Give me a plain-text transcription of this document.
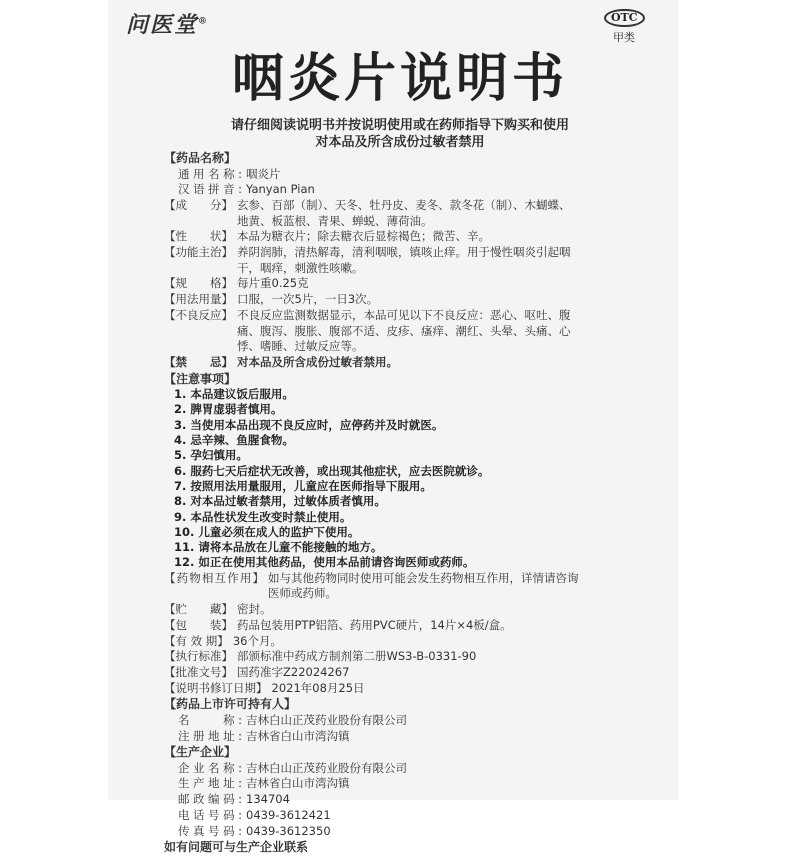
问医堂®	OTC
甲类
咽炎片说明书
请仔细阅读说明书并按说明使用或在药师指导下购买和使用
对本品及所含成份过敏者禁用
【药品名称】
通用名称: 咽炎片
汉语拼音: Yanyan Pian
【成　　分】 玄参、百部（制）、天冬、牡丹皮、麦冬、款冬花（制）、木蝴蝶、
地黄、板蓝根、青果、蝉蜕、薄荷油。
【性　　状】 本品为糖衣片；除去糖衣后显棕褐色；微苦、辛。
【功能主治】 养阴润肺，清热解毒，清利咽喉，镇咳止痒。用于慢性咽炎引起咽
干，咽痒，刺激性咳嗽。
【规　　格】 每片重0.25克
【用法用量】 口服，一次5片，一日3次。
【不良反应】 不良反应监测数据显示，本品可见以下不良反应：恶心、呕吐、腹
痛、腹泻、腹胀、腹部不适、皮疹、瘙痒、潮红、头晕、头痛、心
悸、嗜睡、过敏反应等。
【禁　　忌】 对本品及所含成份过敏者禁用。
【注意事项】
1. 本品建议饭后服用。
2. 脾胃虚弱者慎用。
3. 当使用本品出现不良反应时，应停药并及时就医。
4. 忌辛辣、鱼腥食物。
5. 孕妇慎用。
6. 服药七天后症状无改善，或出现其他症状，应去医院就诊。
7. 按照用法用量服用，儿童应在医师指导下服用。
8. 对本品过敏者禁用，过敏体质者慎用。
9. 本品性状发生改变时禁止使用。
10. 儿童必须在成人的监护下使用。
11. 请将本品放在儿童不能接触的地方。
12. 如正在使用其他药品，使用本品前请咨询医师或药师。
【药物相互作用】 如与其他药物同时使用可能会发生药物相互作用，详情请咨询
医师或药师。
【贮　　藏】 密封。
【包　　装】 药品包装用PTP铝箔、药用PVC硬片，14片×4板/盒。
【有 效 期】 36个月。
【执行标准】 部颁标准中药成方制剂第二册WS3-B-0331-90
【批准文号】 国药准字Z22024267
【说明书修订日期】 2021年08月25日
【药品上市许可持有人】
名　　称: 吉林白山正茂药业股份有限公司
注册地址: 吉林省白山市湾沟镇
【生产企业】
企业名称: 吉林白山正茂药业股份有限公司
生产地址: 吉林省白山市湾沟镇
邮政编码: 134704
电话号码: 0439-3612421
传真号码: 0439-3612350
如有问题可与生产企业联系
